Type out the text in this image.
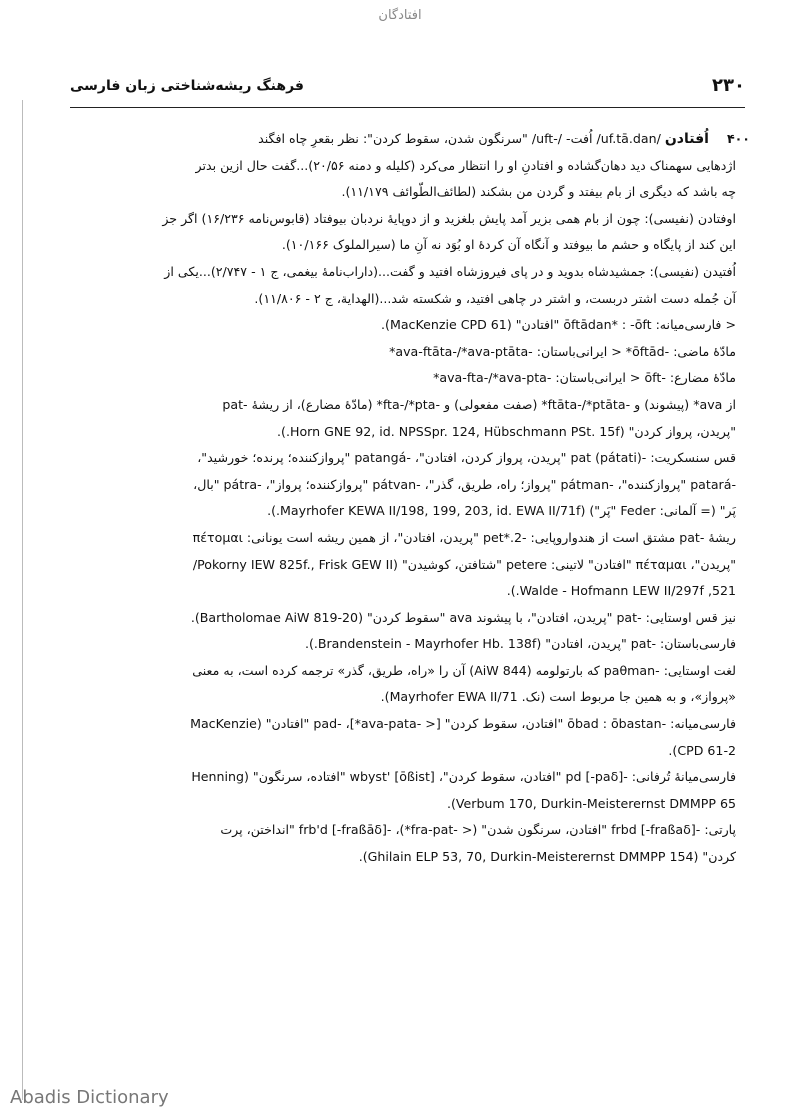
افتادگان
۲۳۰
فرهنگ ریشه‌شناختی زبان فارسی

۴۰۰ اُفتادن /uf.tā.dan/ اُفت- /-uft/ "سرنگون شدن، سقوط کردن": نظر بقعرِ چاه افگند

اژدهایی سهمناک دید دهان‌گشاده و افتادنِ او را انتظار می‌کرد (کلیله و دمنه ۲۰/۵۶)...گفت حال ازین بدتر

چه باشد که دیگری از بام بیفتد و گردن من بشکند (لطائف‌الطّوائف ۱۱/۱۷۹).

اوفتادن (نفیسی): چون از بام همی بزیر آمد پایش بلغزید و از دوپایهٔ نردبان بیوفتاد (قابوس‌نامه ۱۶/۲۳۶) اگر جز

این کند از پایگاه و حشم ما بیوفتد و آنگاه آن کردهٔ او بُوَد نه آنِ ما (سیرالملوک ۱۰/۱۶۶).

اُفتیدن (نفیسی): جمشیدشاه بدوید و در پای فیروزشاه افتید و گفت...(داراب‌نامهٔ بیغمی، ج ۱ - ۲/۷۴۷)...یکی از

آن جُمله دست اشتر دربست، و اشتر در چاهی افتید، و شکسته شد...(الهدایة، ج ۲ - ۱۱/۸۰۶).

< فارسی‌میانه: ōftādan* : -ōft "افتادن" (MacKenzie CPD 61).

مادّهٔ ماضی: -ōftād* < ایرانی‌باستان: -ava-ftāta-/*ava-ptāta*

مادّهٔ مضارع: -ōft < ایرانی‌باستان: -ava-fta-/*ava-pta*

از ava* (پیشوند) و -ftāta-/*ptāta* (صفت مفعولی) و -fta-/*pta* (مادّهٔ مضارع)، از ریشهٔ -pat

"پریدن، پرواز کردن" (Horn GNE 92, id. NPSSpr. 124, Hübschmann PSt. 15f.).

قس سنسکریت: -pat (pátati) "پریدن، پرواز کردن، افتادن"، -patangá "پروازکننده؛ پرنده؛ خورشید"،

-patará "پروازکننده"، -pátman "پرواز؛ راه، طریق، گذر"، -pátvan "پروازکننده؛ پرواز"، -pátra "بال،

پَر" (= آلمانی: Feder "پَر") (Mayrhofer KEWA II/198, 199, 203, id. EWA II/71f.).

ریشهٔ -pat مشتق است از هندواروپایی: -pet*.2 "پریدن، افتادن"، از همین ریشه است یونانی: πέτομαι

"پریدن"، πέταμαι "افتادن" لاتینی: petere "شتافتن، کوشیدن" (Pokorny IEW 825f., Frisk GEW II/

521, Walde - Hofmann LEW II/297f.).

نیز قس اوستایی: -pat "پریدن، افتادن"، با پیشوند ava "سقوط کردن" (Bartholomae AiW 819-20).

فارسی‌باستان: -pat "پریدن، افتادن" (Brandenstein - Mayrhofer Hb. 138f.).

لغت اوستایی: -paθman که بارتولومه (AiW 844) آن را «راه، طریق، گذر» ترجمه کرده است، به معنی

«پرواز»، و به همین جا مربوط است (نک. Mayrhofer EWA II/71).

فارسی‌میانه: -ōbad : ōbastan "افتادن، سقوط کردن" [< -ava-pata*]، -pad "افتادن" (MacKenzie

CPD 61-2).

فارسی‌میانهٔ تُرفانی: -pd [-paδ] "افتادن، سقوط کردن"، wbyst' [ōßist] "افتاده، سرنگون" (Henning

Verbum 170, Durkin-Meisterernst DMMPP 65).

پارتی: -frbd [-fraßaδ] "افتادن، سرنگون شدن" (< -fra-pat*)، -frb'd [-fraßāδ] "انداختن، پرت

کردن" (Ghilain ELP 53, 70, Durkin-Meisterernst DMMPP 154).

Abadis Dictionary
